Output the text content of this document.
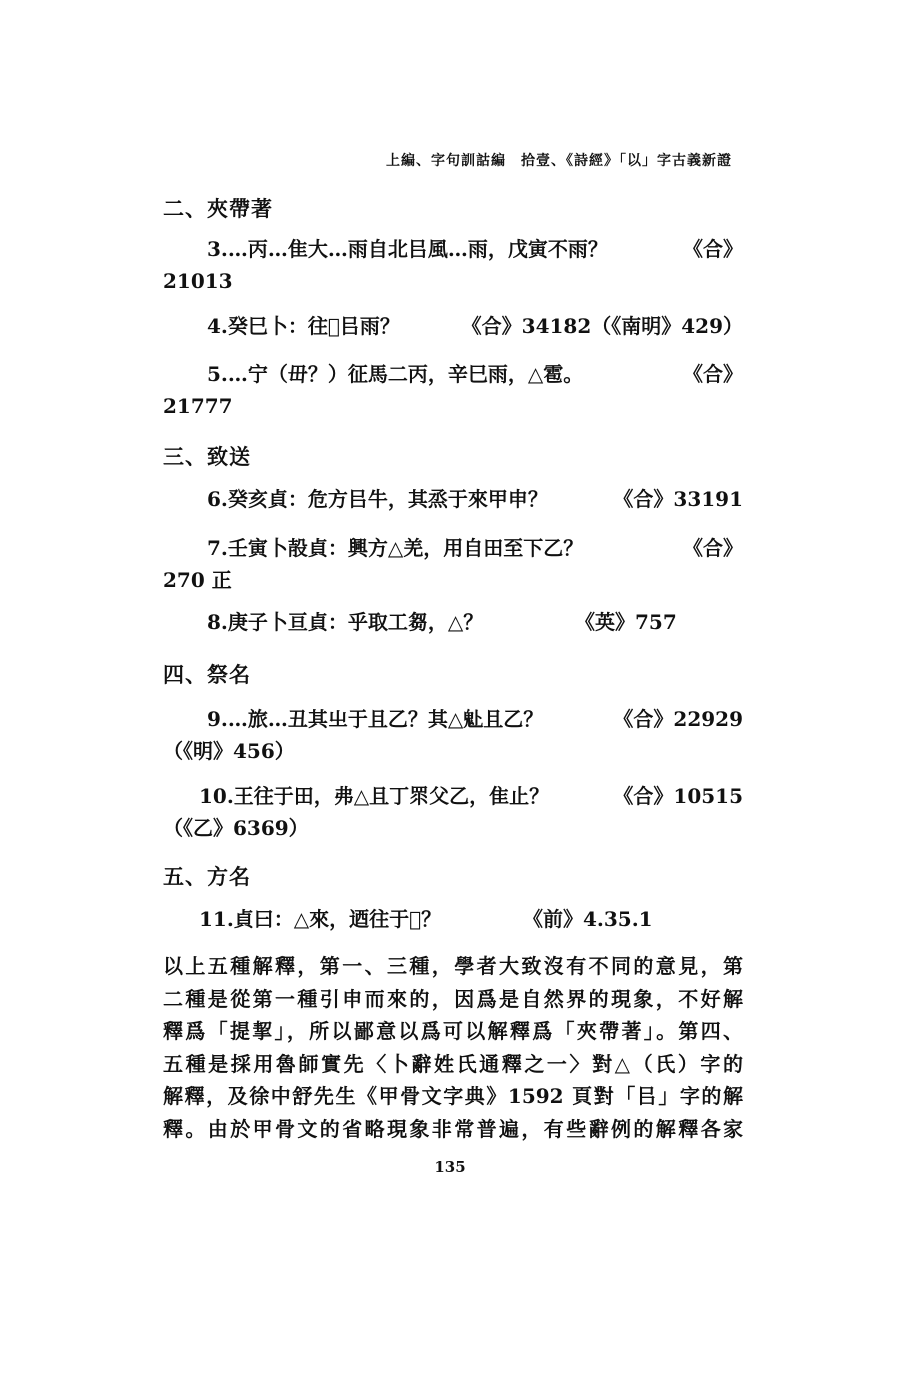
上編、字句訓詁編　拾壹、《詩經》「以」字古義新證
二、夾帶著
3.…丙…隹大…雨自北㠯風…雨，戊寅不雨？	《合》
21013
4.癸巳卜：往𤞷㠯雨？	《合》34182（《南明》429）
5.…宁（毌？）征馬二丙，辛巳雨，△雹。	《合》
21777
三、致送
6.癸亥貞：危方㠯牛，其烝于來甲申？	《合》33191
7.壬寅卜㱿貞：興方△羌，用自田至下乙？	《合》
270 正
8.庚子卜亘貞：乎取工芻，△？	《英》757
四、祭名
9.…旅…丑其㞢于且乙？其△𩱻且乙？	《合》22929
（《明》456）
10.王往于田，弗△且丁眔父乙，隹止？	《合》10515
（《乙》6369）
五、方名
11.貞曰：△來，迺往于𦎫？	《前》4.35.1
以上五種解釋，第一、三種，學者大致沒有不同的意見，第
二種是從第一種引申而來的，因爲是自然界的現象，不好解
釋爲「提挈」，所以鄙意以爲可以解釋爲「夾帶著」。第四、
五種是採用魯師實先〈卜辭姓氏通釋之一〉對△（氏）字的
解釋，及徐中舒先生《甲骨文字典》1592 頁對「㠯」字的解
釋。由於甲骨文的省略現象非常普遍，有些辭例的解釋各家
135
